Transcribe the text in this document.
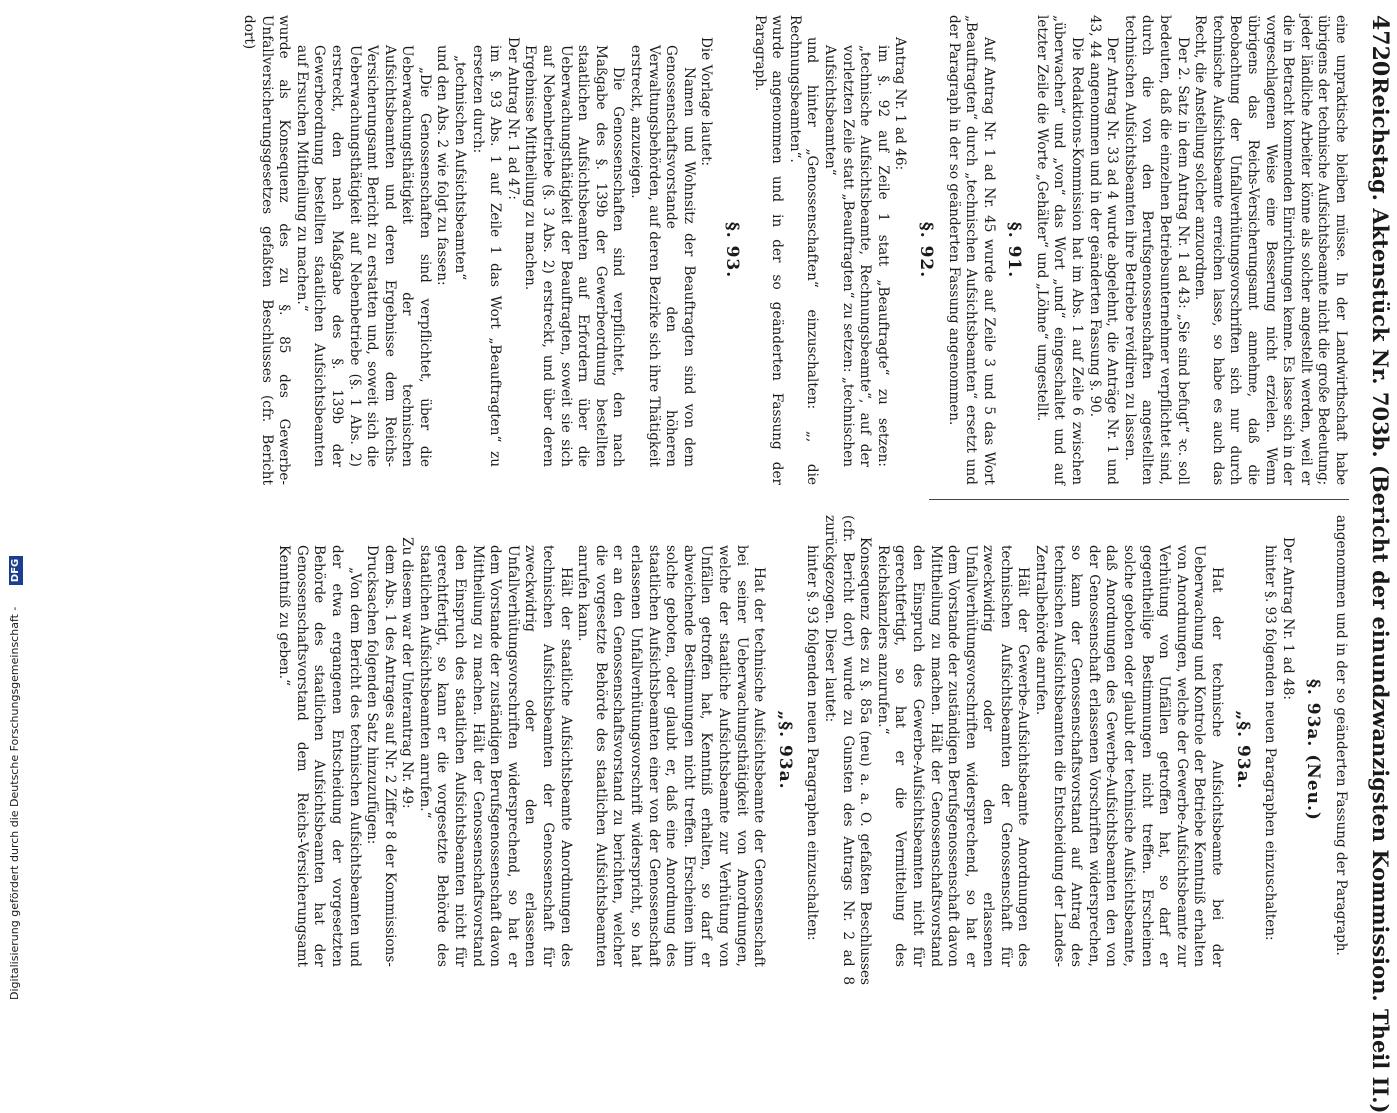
4720
Reichstag. Aktenstück Nr. 703b. (Bericht der einundzwanzigsten Kommission. Theil II.)

eine unpraktische bleiben müsse. In der Landwirthschaft habe übrigens der technische Aufsichtsbeamte nicht die große Bedeutung; jeder ländliche Arbeiter könne als solcher angestellt werden, weil er die in Betracht kommenden Einrichtungen kenne. Es lasse sich in der vorgeschlagenen Weise eine Besserung nicht erzielen. Wenn übrigens das Reichs-Versicherungsamt annehme, daß die Beobachtung der Unfallverhütungsvorschriften sich nur durch technische Aufsichtsbeamte erreichen lasse, so habe es auch das Recht, die Anstellung solcher anzuordnen.

Der 2. Satz in dem Antrag Nr. 1 ad 43: „Sie sind befugt“ ꝛc. soll bedeuten, daß die einzelnen Betriebsunternehmer verpflichtet sind, durch die von den Berufsgenossenschaften angestellten technischen Aufsichtsbeamten ihre Betriebe revidiren zu lassen.

Der Antrag Nr. 33 ad 4 wurde abgelehnt, die Anträge Nr. 1 und 43, 44 angenommen und in der geänderten Fassung §. 90.

Die Redaktions-Kommission hat im Abs. 1 auf Zeile 6 zwischen „überwachen“ und „von“ das Wort „und“ eingeschaltet und auf letzter Zeile die Worte „Gehälter“ und „Löhne“ umgestellt.

§. 91.

Auf Antrag Nr. 1 ad Nr. 45 wurde auf Zeile 3 und 5 das Wort „Beauftragten“ durch „technischen Aufsichtsbeamten“ ersetzt und der Paragraph in der so geänderten Fassung angenommen.

§. 92.

Antrag Nr. 1 ad 46:

im §. 92 auf Zeile 1 statt „Beauftragte“ zu setzen: „technische Aufsichtsbeamte, Rechnungsbeamte“, auf der vorletzten Zeile statt „Beauftragten“ zu setzen: „technischen Aufsichtsbeamten“

und hinter „Genossenschaften“ einzuschalten: „, die Rechnungsbeamten“.

wurde angenommen und in der so geänderten Fassung der Paragraph.

§. 93.

Die Vorlage lautet:

Namen und Wohnsitz der Beauftragten sind von dem Genossenschaftsvorstande den höheren Verwaltungsbehörden, auf deren Bezirke sich ihre Thätigkeit erstreckt, anzuzeigen.

Die Genossenschaften sind verpflichtet, den nach Maßgabe des §. 139b der Gewerbeordnung bestellten staatlichen Aufsichtsbeamten auf Erfordern über die Ueberwachungsthätigkeit der Beauftragten, soweit sie sich auf Nebenbetriebe (§. 3 Abs. 2) erstreckt, und über deren Ergebnisse Mittheilung zu machen.

Der Antrag Nr. 1 ad 47:

im §. 93 Abs. 1 auf Zeile 1 das Wort „Beauftragten“ zu ersetzen durch:

„technischen Aufsichtsbeamten“

und den Abs. 2 wie folgt zu fassen:

„Die Genossenschaften sind verpflichtet, über die Ueberwachungsthätigkeit der technischen Aufsichtsbeamten und deren Ergebnisse dem Reichs-Versicherungsamt Bericht zu erstatten und, soweit sich die Ueberwachungsthätigkeit auf Nebenbetriebe (§. 1 Abs. 2) erstreckt, den nach Maßgabe des §. 139b der Gewerbeordnung bestellten staatlichen Aufsichtsbeamten auf Ersuchen Mittheilung zu machen.“

wurde als Konsequenz des zu §. 85 des Gewerbe-Unfallversicherungsgesetzes gefaßten Beschlusses (cfr. Bericht dort)

angenommen und in der so geänderten Fassung der Paragraph.

§. 93a. (Neu.)

Der Antrag Nr. 1 ad 48:

hinter §. 93 folgenden neuen Paragraphen einzuschalten:

„§. 93a.

Hat der technische Aufsichtsbeamte bei der Ueberwachung und Kontrole der Betriebe Kenntniß erhalten von Anordnungen, welche der Gewerbe-Aufsichtsbeamte zur Verhütung von Unfällen getroffen hat, so darf er gegentheilige Bestimmungen nicht treffen. Erscheinen solche geboten oder glaubt der technische Aufsichtsbeamte, daß Anordnungen des Gewerbe-Aufsichtsbeamten den von der Genossenschaft erlassenen Vorschriften widersprechen, so kann der Genossenschaftsvorstand auf Antrag des technischen Aufsichtsbeamten die Entscheidung der Landes-Zentralbehörde anrufen.

Hält der Gewerbe-Aufsichtsbeamte Anordnungen des technischen Aufsichtsbeamten der Genossenschaft für zweckwidrig oder den erlassenen Unfallverhütungsvorschriften widersprechend, so hat er dem Vorstande der zuständigen Berufsgenossenschaft davon Mittheilung zu machen. Hält der Genossenschaftsvorstand den Einspruch des Gewerbe-Aufsichtsbeamten nicht für gerechtfertigt, so hat er die Vermittelung des Reichskanzlers anzurufen.“

Konsequenz des zu §. 85a (neu) a. a. O. gefaßten Beschlusses (cfr. Bericht dort) wurde zu Gunsten des Antrags Nr. 2 ad 8 zurückgezogen. Dieser lautet:

hinter §. 93 folgenden neuen Paragraphen einzuschalten:

„§. 93a.

Hat der technische Aufsichtsbeamte der Genossenschaft bei seiner Ueberwachungsthätigkeit von Anordnungen, welche der staatliche Aufsichtsbeamte zur Verhütung von Unfällen getroffen hat, Kenntniß erhalten, so darf er abweichende Bestimmungen nicht treffen. Erscheinen ihm solche geboten, oder glaubt er, daß eine Anordnung des staatlichen Aufsichtsbeamten einer von der Genossenschaft erlassenen Unfallverhütungsvorschrift widerspricht, so hat er an den Genossenschaftsvorstand zu berichten, welcher die vorgesetzte Behörde des staatlichen Aufsichtsbeamten anrufen kann.

Hält der staatliche Aufsichtsbeamte Anordnungen des technischen Aufsichtsbeamten der Genossenschaft für zweckwidrig oder den erlassenen Unfallverhütungsvorschriften widersprechend, so hat er dem Vorstande der zuständigen Berufsgenossenschaft davon Mittheilung zu machen. Hält der Genossenschaftsvorstand den Einspruch des staatlichen Aufsichtsbeamten nicht für gerechtfertigt, so kann er die vorgesetzte Behörde des staatlichen Aufsichtsbeamten anrufen.“

Zu diesem war der Unterantrag Nr. 49:

dem Abs. 1 des Antrages auf Nr. 2 Ziffer 8 der Kommissions-Drucksachen folgenden Satz hinzuzufügen:

„Von dem Bericht des technischen Aufsichtsbeamten und der etwa ergangenen Entscheidung der vorgesetzten Behörde des staatlichen Aufsichtsbeamten hat der Genossenschaftsvorstand dem Reichs-Versicherungsamt Kenntniß zu geben.“

Digitalisierung gefördert durch die Deutsche Forschungsgemeinschaft - DFG
